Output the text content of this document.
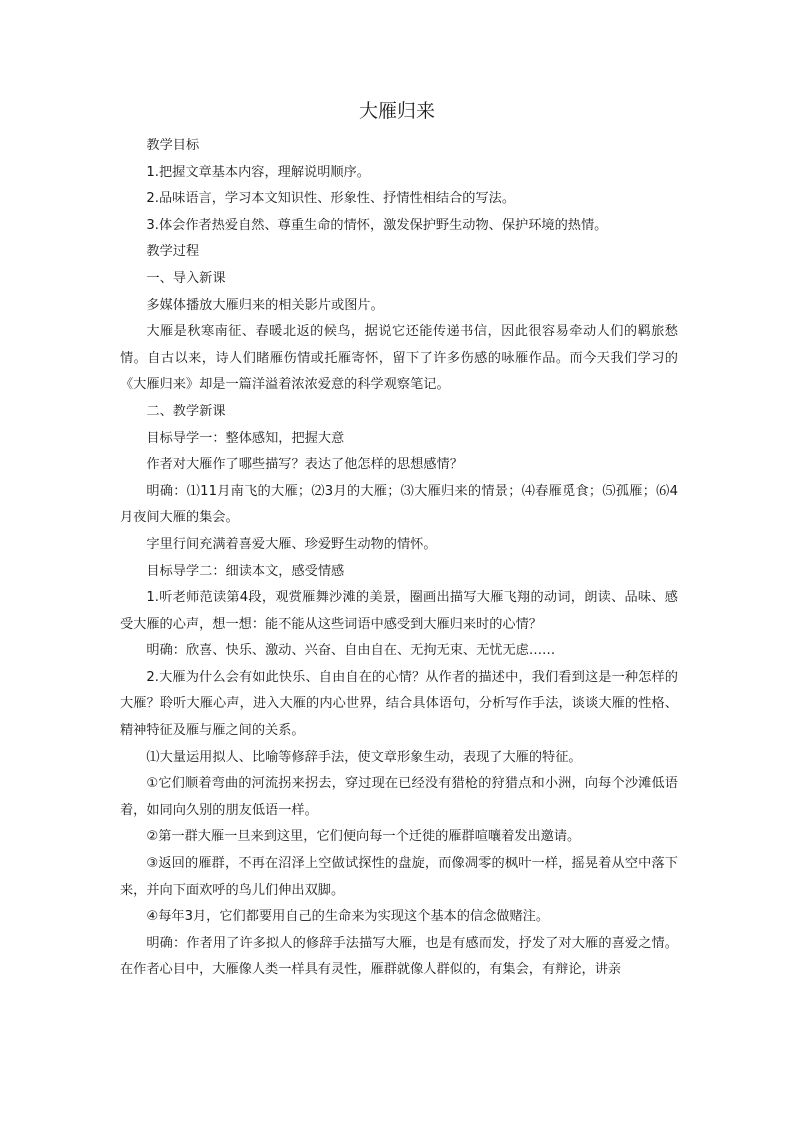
大雁归来

教学目标

1.把握文章基本内容，理解说明顺序。

2.品味语言，学习本文知识性、形象性、抒情性相结合的写法。

3.体会作者热爱自然、尊重生命的情怀，激发保护野生动物、保护环境的热情。

教学过程

一、导入新课

多媒体播放大雁归来的相关影片或图片。

大雁是秋寒南征、春暖北返的候鸟，据说它还能传递书信，因此很容易牵动人们的羁旅愁情。自古以来，诗人们睹雁伤情或托雁寄怀，留下了许多伤感的咏雁作品。而今天我们学习的《大雁归来》却是一篇洋溢着浓浓爱意的科学观察笔记。

二、教学新课

目标导学一：整体感知，把握大意

作者对大雁作了哪些描写？表达了他怎样的思想感情？

明确：⑴11月南飞的大雁；⑵3月的大雁；⑶大雁归来的情景；⑷春雁觅食；⑸孤雁；⑹4月夜间大雁的集会。

字里行间充满着喜爱大雁、珍爱野生动物的情怀。

目标导学二：细读本文，感受情感

1.听老师范读第4段，观赏雁舞沙滩的美景，圈画出描写大雁飞翔的动词，朗读、品味、感受大雁的心声，想一想：能不能从这些词语中感受到大雁归来时的心情？

明确：欣喜、快乐、激动、兴奋、自由自在、无拘无束、无忧无虑……

2.大雁为什么会有如此快乐、自由自在的心情？从作者的描述中，我们看到这是一种怎样的大雁？聆听大雁心声，进入大雁的内心世界，结合具体语句，分析写作手法，谈谈大雁的性格、精神特征及雁与雁之间的关系。

⑴大量运用拟人、比喻等修辞手法，使文章形象生动，表现了大雁的特征。

①它们顺着弯曲的河流拐来拐去，穿过现在已经没有猎枪的狩猎点和小洲，向每个沙滩低语着，如同向久别的朋友低语一样。

②第一群大雁一旦来到这里，它们便向每一个迁徙的雁群喧嚷着发出邀请。

③返回的雁群，不再在沼泽上空做试探性的盘旋，而像凋零的枫叶一样，摇晃着从空中落下来，并向下面欢呼的鸟儿们伸出双脚。

④每年3月，它们都要用自己的生命来为实现这个基本的信念做赌注。

明确：作者用了许多拟人的修辞手法描写大雁，也是有感而发，抒发了对大雁的喜爱之情。在作者心目中，大雁像人类一样具有灵性，雁群就像人群似的，有集会，有辩论，讲亲
